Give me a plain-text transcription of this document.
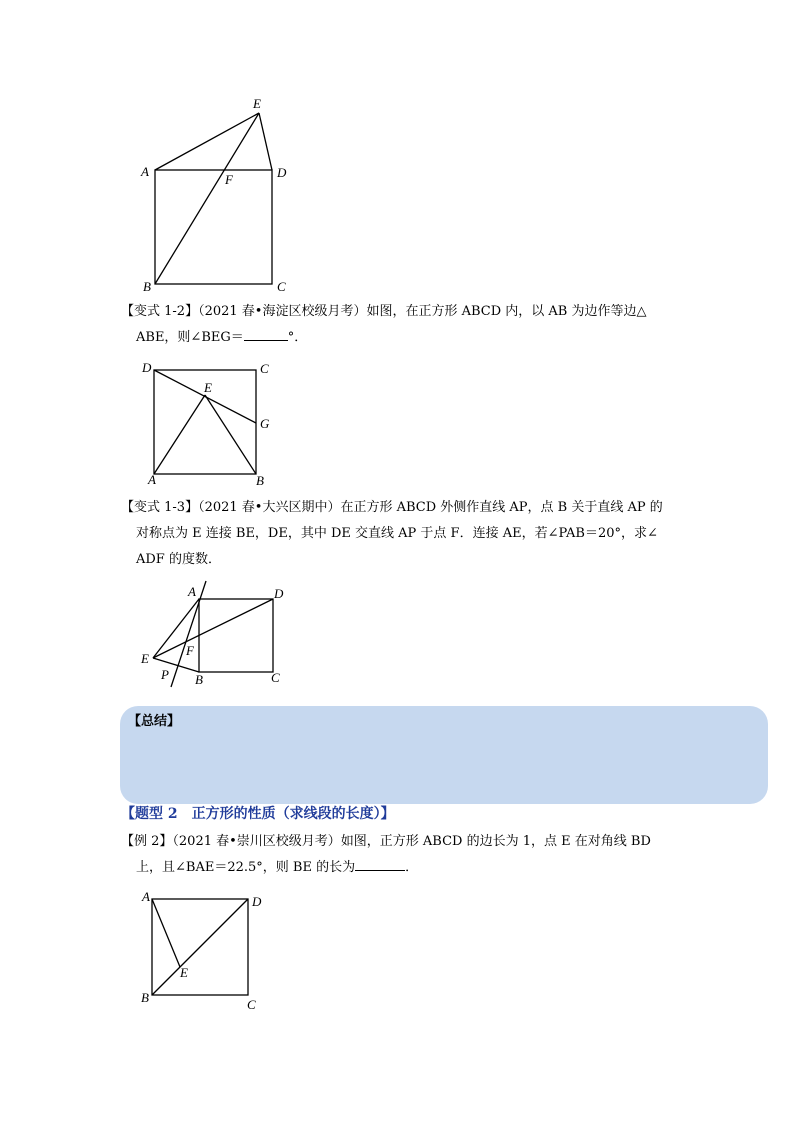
E
A
F	D
B	C
【变式 1-2】（2021 春•海淀区校级月考）如图，在正方形 ABCD 内，以 AB 为边作等边△
ABE，则∠BEG＝	°．
D	C
E
G
A	B
【变式 1-3】（2021 春•大兴区期中）在正方形 ABCD 外侧作直线 AP，点 B 关于直线 AP 的
对称点为 E 连接 BE，DE，其中 DE 交直线 AP 于点 F．连接 AE，若∠PAB＝20°，求∠
ADF 的度数．
A	D
E
F
P B	C
【总结】
【题型 2　正方形的性质（求线段的长度）】
【例 2】（2021 春•崇川区校级月考）如图，正方形 ABCD 的边长为 1，点 E 在对角线 BD
上，且∠BAE＝22.5°，则 BE 的长为	．
A	D
E
B	C
